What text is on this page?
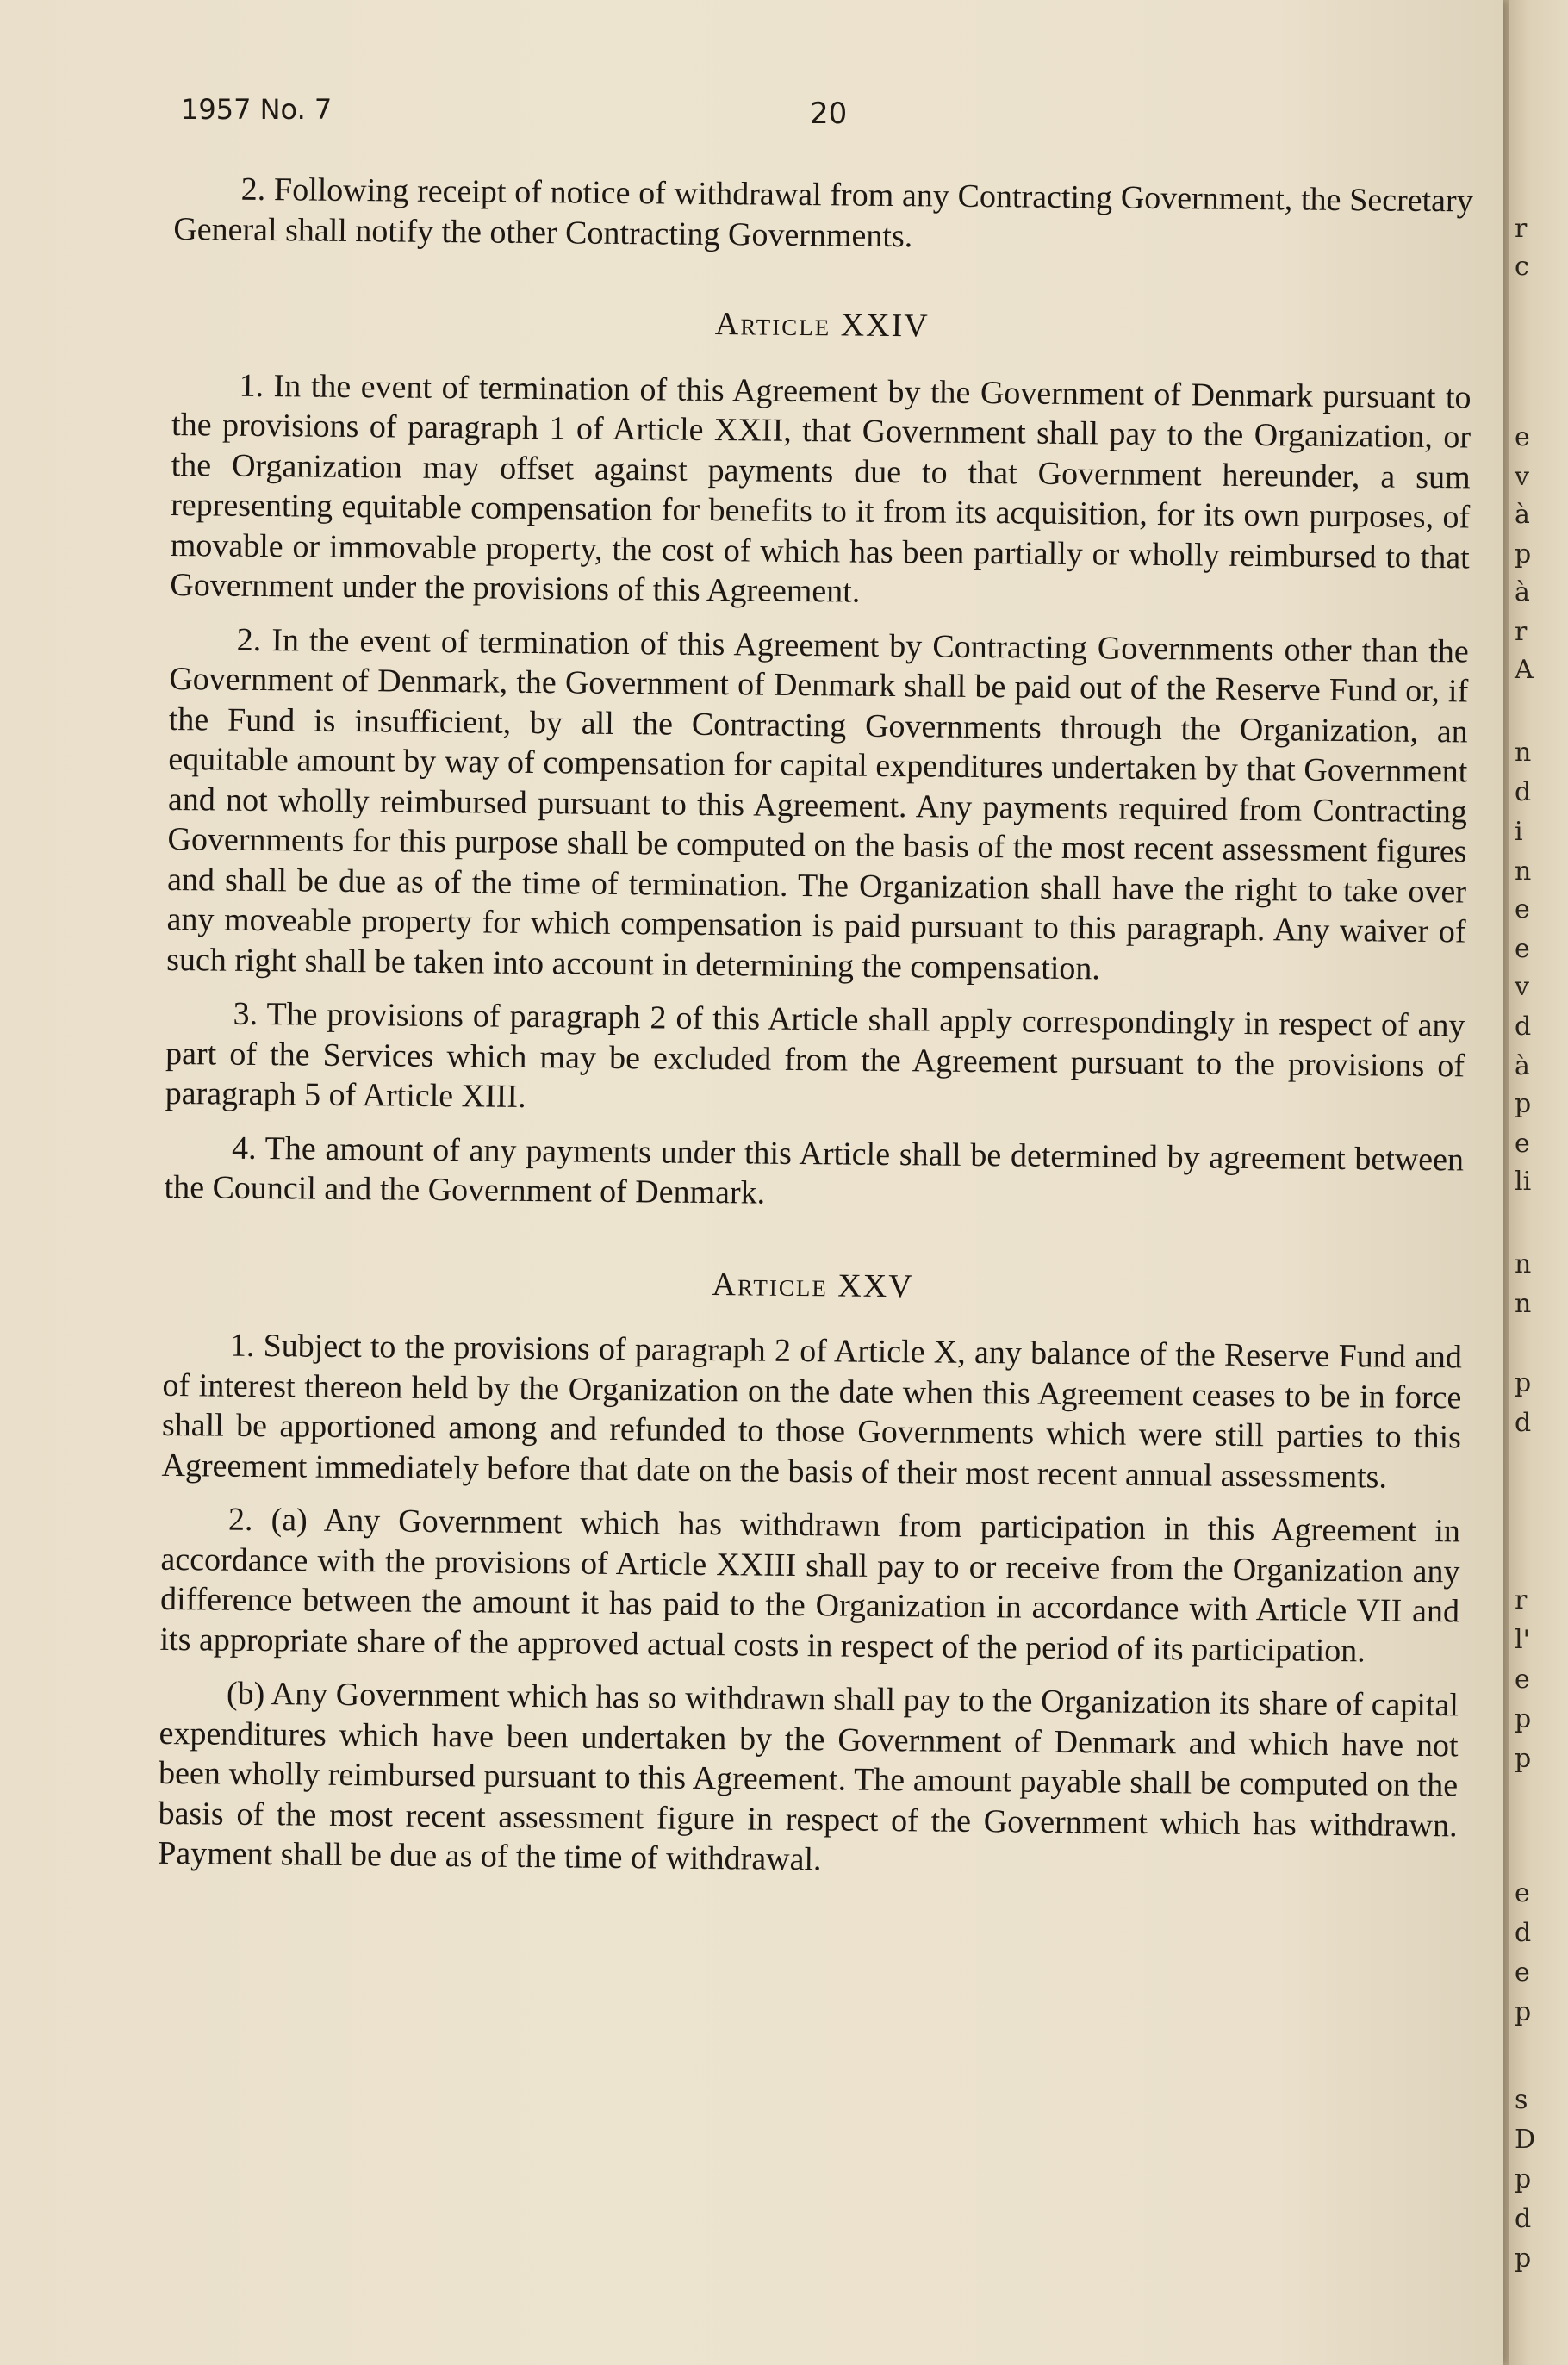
1957 No. 7	20

2. Following receipt of notice of withdrawal from any Contracting Government, the Secretary General shall notify the other Contracting Governments.

Article XXIV

1. In the event of termination of this Agreement by the Government of Denmark pursuant to the provisions of paragraph 1 of Article XXII, that Government shall pay to the Organization, or the Organization may offset against payments due to that Government hereunder, a sum representing equitable compensation for benefits to it from its acquisition, for its own purposes, of movable or immovable property, the cost of which has been partially or wholly reimbursed to that Government under the provisions of this Agreement.

2. In the event of termination of this Agreement by Contracting Governments other than the Government of Denmark, the Government of Denmark shall be paid out of the Reserve Fund or, if the Fund is insufficient, by all the Contracting Governments through the Organization, an equitable amount by way of compensation for capital expenditures undertaken by that Government and not wholly reimbursed pursuant to this Agreement. Any payments required from Contracting Governments for this purpose shall be computed on the basis of the most recent assessment figures and shall be due as of the time of termination. The Organization shall have the right to take over any moveable property for which compensation is paid pursuant to this paragraph. Any waiver of such right shall be taken into account in determining the compensation.

3. The provisions of paragraph 2 of this Article shall apply correspondingly in respect of any part of the Services which may be excluded from the Agreement pursuant to the provisions of paragraph 5 of Article XIII.

4. The amount of any payments under this Article shall be determined by agreement between the Council and the Government of Denmark.

Article XXV

1. Subject to the provisions of paragraph 2 of Article X, any balance of the Reserve Fund and of interest thereon held by the Organization on the date when this Agreement ceases to be in force shall be apportioned among and refunded to those Governments which were still parties to this Agreement immediately before that date on the basis of their most recent annual assessments.

2. (a) Any Government which has withdrawn from participation in this Agreement in accordance with the provisions of Article XXIII shall pay to or receive from the Organization any difference between the amount it has paid to the Organization in accordance with Article VII and its appropriate share of the approved actual costs in respect of the period of its participation.

(b) Any Government which has so withdrawn shall pay to the Organization its share of capital expenditures which have been undertaken by the Government of Denmark and which have not been wholly reimbursed pursuant to this Agreement. The amount payable shall be computed on the basis of the most recent assessment figure in respect of the Government which has withdrawn. Payment shall be due as of the time of withdrawal.

r
c
e
v
à
p
à
r
A
n
d
i
n
e
e
v
d
à
p
e
li
n
n
p
d
r
l'
e
p
p
e
d
e
p
s
D
p
d
p
